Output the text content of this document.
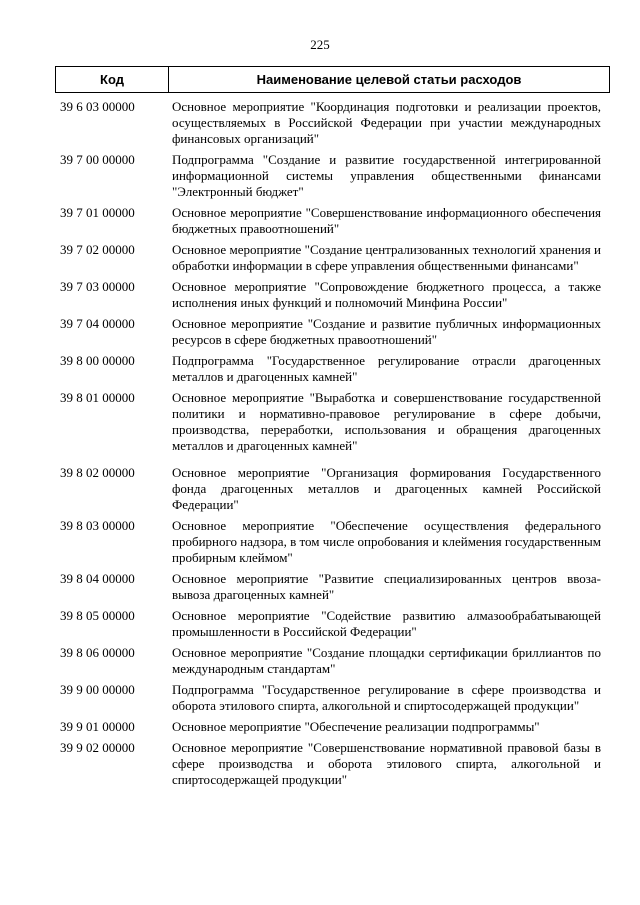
225
Код	Наименование целевой статьи расходов
39 6 03 00000	Основное мероприятие "Координация подготовки и реализации проектов, осуществляемых в Российской Федерации при участии международных финансовых организаций"
39 7 00 00000	Подпрограмма "Создание и развитие государственной интегрированной информационной системы управления общественными финансами "Электронный бюджет"
39 7 01 00000	Основное мероприятие "Совершенствование информационного обеспечения бюджетных правоотношений"
39 7 02 00000	Основное мероприятие "Создание централизованных технологий хранения и обработки информации в сфере управления общественными финансами"
39 7 03 00000	Основное мероприятие "Сопровождение бюджетного процесса, а также исполнения иных функций и полномочий Минфина России"
39 7 04 00000	Основное мероприятие "Создание и развитие публичных информационных ресурсов в сфере бюджетных правоотношений"
39 8 00 00000	Подпрограмма "Государственное регулирование отрасли драгоценных металлов и драгоценных камней"
39 8 01 00000	Основное мероприятие "Выработка и совершенствование государственной политики и нормативно-правовое регулирование в сфере добычи, производства, переработки, использования и обращения драгоценных металлов и драгоценных камней"
39 8 02 00000	Основное мероприятие "Организация формирования Государственного фонда драгоценных металлов и драгоценных камней Российской Федерации"
39 8 03 00000	Основное мероприятие "Обеспечение осуществления федерального пробирного надзора, в том числе опробования и клеймения государственным пробирным клеймом"
39 8 04 00000	Основное мероприятие "Развитие специализированных центров ввоза-вывоза драгоценных камней"
39 8 05 00000	Основное мероприятие "Содействие развитию алмазообрабатывающей промышленности в Российской Федерации"
39 8 06 00000	Основное мероприятие "Создание площадки сертификации бриллиантов по международным стандартам"
39 9 00 00000	Подпрограмма "Государственное регулирование в сфере производства и оборота этилового спирта, алкогольной и спиртосодержащей продукции"
39 9 01 00000	Основное мероприятие "Обеспечение реализации подпрограммы"
39 9 02 00000	Основное мероприятие "Совершенствование нормативной правовой базы в сфере производства и оборота этилового спирта, алкогольной и спиртосодержащей продукции"
